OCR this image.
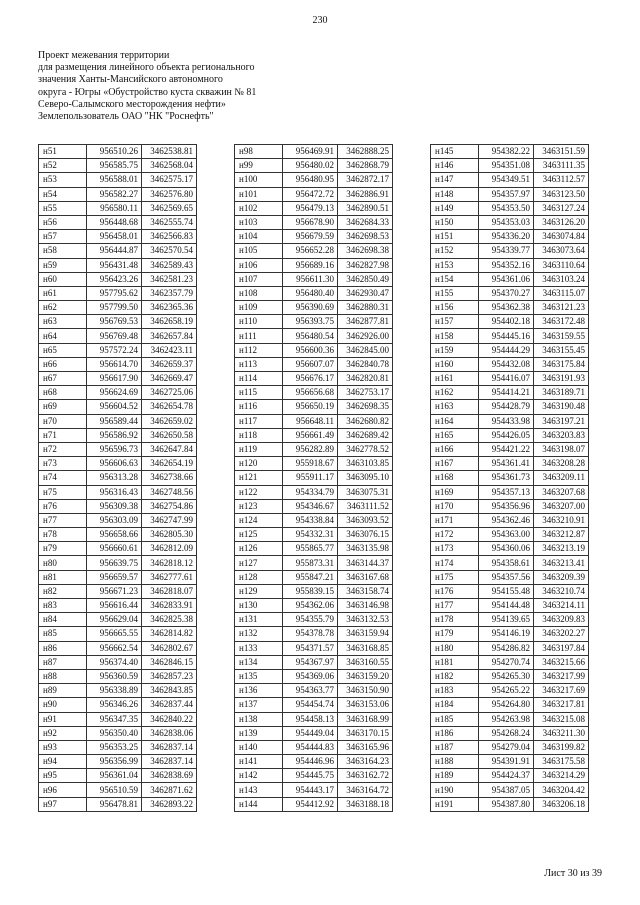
230
Проект межевания территории
для размещения линейного объекта регионального
значения Ханты-Мансийского автономного
округа - Югры «Обустройство куста скважин № 81
Северо-Салымского месторождения нефти»
Землепользователь ОАО "НК "Роснефть"
н51	956510.26	3462538.81
н52	956585.75	3462568.04
н53	956588.01	3462575.17
н54	956582.27	3462576.80
н55	956580.11	3462569.65
н56	956448.68	3462555.74
н57	956458.01	3462566.83
н58	956444.87	3462570.54
н59	956431.48	3462589.43
н60	956423.26	3462581.23
н61	957795.62	3462357.79
н62	957799.50	3462365.36
н63	956769.53	3462658.19
н64	956769.48	3462657.84
н65	957572.24	3462423.11
н66	956614.70	3462659.37
н67	956617.90	3462669.47
н68	956624.69	3462725.06
н69	956604.52	3462654.78
н70	956589.44	3462659.02
н71	956586.92	3462650.58
н72	956596.73	3462647.84
н73	956606.63	3462654.19
н74	956313.28	3462738.66
н75	956316.43	3462748.56
н76	956309.38	3462754.86
н77	956303.09	3462747.99
н78	956658.66	3462805.30
н79	956660.61	3462812.09
н80	956639.75	3462818.12
н81	956659.57	3462777.61
н82	956671.23	3462818.07
н83	956616.44	3462833.91
н84	956629.04	3462825.38
н85	956665.55	3462814.82
н86	956662.54	3462802.67
н87	956374.40	3462846.15
н88	956360.59	3462857.23
н89	956338.89	3462843.85
н90	956346.26	3462837.44
н91	956347.35	3462840.22
н92	956350.40	3462838.06
н93	956353.25	3462837.14
н94	956356.99	3462837.14
н95	956361.04	3462838.69
н96	956510.59	3462871.62
н97	956478.81	3462893.22
н98	956469.91	3462888.25
н99	956480.02	3462868.79
н100	956480.95	3462872.17
н101	956472.72	3462886.91
н102	956479.13	3462890.51
н103	956678.90	3462684.33
н104	956679.59	3462698.53
н105	956652.28	3462698.38
н106	956689.16	3462827.98
н107	956611.30	3462850.49
н108	956480.40	3462930.47
н109	956390.69	3462880.31
н110	956393.75	3462877.81
н111	956480.54	3462926.00
н112	956600.36	3462845.00
н113	956607.07	3462840.78
н114	956676.17	3462820.81
н115	956656.68	3462753.17
н116	956650.19	3462698.35
н117	956648.11	3462680.82
н118	956661.49	3462689.42
н119	956282.89	3462778.52
н120	955918.67	3463103.85
н121	955911.17	3463095.10
н122	954334.79	3463075.31
н123	954346.67	3463111.52
н124	954338.84	3463093.52
н125	954332.31	3463076.15
н126	955865.77	3463135.98
н127	955873.31	3463144.37
н128	955847.21	3463167.68
н129	955839.15	3463158.74
н130	954362.06	3463146.98
н131	954355.79	3463132.53
н132	954378.78	3463159.94
н133	954371.57	3463168.85
н134	954367.97	3463160.55
н135	954369.06	3463159.20
н136	954363.77	3463150.90
н137	954454.74	3463153.06
н138	954458.13	3463168.99
н139	954449.04	3463170.15
н140	954444.83	3463165.96
н141	954446.96	3463164.23
н142	954445.75	3463162.72
н143	954443.17	3463164.72
н144	954412.92	3463188.18
н145	954382.22	3463151.59
н146	954351.08	3463111.35
н147	954349.51	3463112.57
н148	954357.97	3463123.50
н149	954353.50	3463127.24
н150	954353.03	3463126.20
н151	954336.20	3463074.84
н152	954339.77	3463073.64
н153	954352.16	3463110.64
н154	954361.06	3463103.24
н155	954370.27	3463115.07
н156	954362.38	3463121.23
н157	954402.18	3463172.48
н158	954445.16	3463159.55
н159	954444.29	3463155.45
н160	954432.08	3463175.84
н161	954416.07	3463191.93
н162	954414.21	3463189.71
н163	954428.79	3463190.48
н164	954433.98	3463197.21
н165	954426.05	3463203.83
н166	954421.22	3463198.07
н167	954361.41	3463208.28
н168	954361.73	3463209.11
н169	954357.13	3463207.68
н170	954356.96	3463207.00
н171	954362.46	3463210.91
н172	954363.00	3463212.87
н173	954360.06	3463213.19
н174	954358.61	3463213.41
н175	954357.56	3463209.39
н176	954155.48	3463210.74
н177	954144.48	3463214.11
н178	954139.65	3463209.83
н179	954146.19	3463202.27
н180	954286.82	3463197.84
н181	954270.74	3463215.66
н182	954265.30	3463217.99
н183	954265.22	3463217.69
н184	954264.80	3463217.81
н185	954263.98	3463215.08
н186	954268.24	3463211.30
н187	954279.04	3463199.82
н188	954391.91	3463175.58
н189	954424.37	3463214.29
н190	954387.05	3463204.42
н191	954387.80	3463206.18
Лист 30 из 39
